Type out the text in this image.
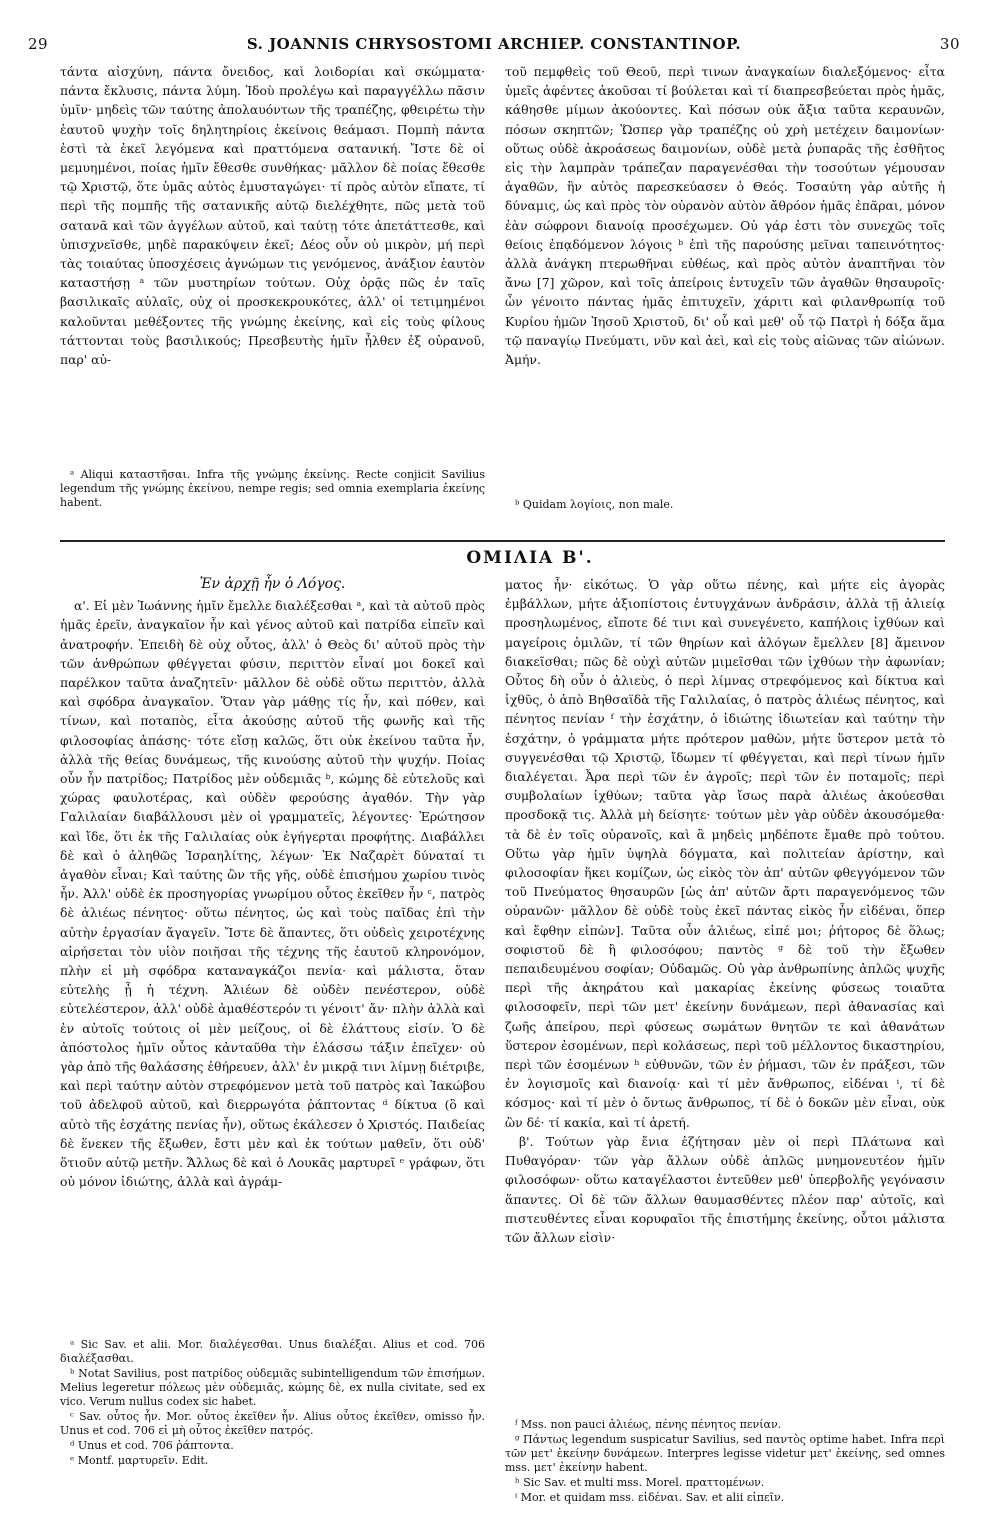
29	S. JOANNIS CHRYSOSTOMI ARCHIEP. CONSTANTINOP.	30

τάντα αἰσχύνη, πάντα ὄνειδος, καὶ λοιδορίαι καὶ σκώμματα· πάντα ἔκλυσις, πάντα λύμη. Ἰδοὺ προλέγω καὶ παραγγέλλω πᾶσιν ὑμῖν· μηδεὶς τῶν ταύτης ἀπολαυόντων τῆς τραπέζης, φθειρέτω τὴν ἑαυτοῦ ψυχὴν τοῖς δηλητηρίοις ἐκείνοις θεάμασι. Πομπὴ πάντα ἐστὶ τὰ ἐκεῖ λεγόμενα καὶ πραττόμενα σατανική. Ἴστε δὲ οἱ μεμυημένοι, ποίας ἡμῖν ἔθεσθε συνθήκας· μᾶλλον δὲ ποίας ἔθεσθε τῷ Χριστῷ, ὅτε ὑμᾶς αὐτὸς ἐμυσταγώγει· τί πρὸς αὐτὸν εἴπατε, τί περὶ τῆς πομπῆς τῆς σατανικῆς αὐτῷ διελέχθητε, πῶς μετὰ τοῦ σατανᾶ καὶ τῶν ἀγγέλων αὐτοῦ, καὶ ταύτῃ τότε ἀπετάττεσθε, καὶ ὑπισχνεῖσθε, μηδὲ παρακύψειν ἐκεῖ; Δέος οὖν οὐ μικρὸν, μή περὶ τὰς τοιαύτας ὑποσχέσεις ἀγνώμων τις γενόμενος, ἀνάξιον ἑαυτὸν καταστήσῃ ᵃ τῶν μυστηρίων τούτων. Οὐχ ὁρᾷς πῶς ἐν ταῖς βασιλικαῖς αὐλαῖς, οὐχ οἱ προσκεκρουκότες, ἀλλ' οἱ τετιμημένοι καλοῦνται μεθέξοντες τῆς γνώμης ἐκείνης, καὶ εἰς τοὺς φίλους τάττονται τοὺς βασιλικούς; Πρεσβευτὴς ἡμῖν ἦλθεν ἐξ οὐρανοῦ, παρ' αὐ-

ᵃ Aliqui καταστῆσαι. Infra τῆς γνώμης ἐκείνης. Recte conjicit Savilius legendum τῆς γνώμης ἐκείνου, nempe regis; sed omnia exemplaria ἐκείνης habent.

τοῦ πεμφθεὶς τοῦ Θεοῦ, περὶ τινων ἀναγκαίων διαλεξόμενος· εἶτα ὑμεῖς ἀφέντες ἀκοῦσαι τί βούλεται καὶ τί διαπρεσβεύεται πρὸς ἡμᾶς, κάθησθε μίμων ἀκούοντες. Καὶ πόσων οὐκ ἄξια ταῦτα κεραυνῶν, πόσων σκηπτῶν; Ὥσπερ γὰρ τραπέζης οὐ χρὴ μετέχειν δαιμονίων· οὕτως οὐδὲ ἀκροάσεως δαιμονίων, οὐδὲ μετὰ ῥυπαρᾶς τῆς ἐσθῆτος εἰς τὴν λαμπρὰν τράπεζαν παραγενέσθαι τὴν τοσούτων γέμουσαν ἀγαθῶν, ἣν αὐτὸς παρεσκεύασεν ὁ Θεός. Τοσαύτη γὰρ αὐτῆς ἡ δύναμις, ὡς καὶ πρὸς τὸν οὐρανὸν αὐτὸν ἄθρόον ἡμᾶς ἐπᾶραι, μόνον ἐὰν σώφρονι διανοίᾳ προσέχωμεν. Οὐ γάρ ἐστι τὸν συνεχῶς τοῖς θείοις ἐπᾳδόμενον λόγοις ᵇ ἐπὶ τῆς παρούσης μεῖναι ταπεινότητος· ἀλλὰ ἀνάγκη πτερωθῆναι εὐθέως, καὶ πρὸς αὐτὸν ἀναπτῆναι τὸν ἄνω [7] χῶρον, καὶ τοῖς ἀπείροις ἐντυχεῖν τῶν ἀγαθῶν θησαυροῖς· ὧν γένοιτο πάντας ἡμᾶς ἐπιτυχεῖν, χάριτι καὶ φιλανθρωπίᾳ τοῦ Κυρίου ἡμῶν Ἰησοῦ Χριστοῦ, δι' οὗ καὶ μεθ' οὗ τῷ Πατρὶ ἡ δόξα ἅμα τῷ παναγίῳ Πνεύματι, νῦν καὶ ἀεὶ, καὶ εἰς τοὺς αἰῶνας τῶν αἰώνων. Ἀμήν.

ᵇ Quidam λογίοις, non male.

ΟΜΙΛΙΑ Β'.

Ἐν ἀρχῇ ἦν ὁ Λόγος.

α'. Εἰ μὲν Ἰωάννης ἡμῖν ἔμελλε διαλέξεσθαι ᵃ, καὶ τὰ αὐτοῦ πρὸς ἡμᾶς ἐρεῖν, ἀναγκαῖον ἦν καὶ γένος αὐτοῦ καὶ πατρίδα εἰπεῖν καὶ ἀνατροφήν. Ἐπειδὴ δὲ οὐχ οὗτος, ἀλλ' ὁ Θεὸς δι' αὐτοῦ πρὸς τὴν τῶν ἀνθρώπων φθέγγεται φύσιν, περιττὸν εἶναί μοι δοκεῖ καὶ παρέλκον ταῦτα ἀναζητεῖν· μᾶλλον δὲ οὐδὲ οὕτω περιττὸν, ἀλλὰ καὶ σφόδρα ἀναγκαῖον. Ὅταν γὰρ μάθῃς τίς ἦν, καὶ πόθεν, καὶ τίνων, καὶ ποταπὸς, εἶτα ἀκούσῃς αὐτοῦ τῆς φωνῆς καὶ τῆς φιλοσοφίας ἁπάσης· τότε εἴσῃ καλῶς, ὅτι οὐκ ἐκείνου ταῦτα ἦν, ἀλλὰ τῆς θείας δυνάμεως, τῆς κινούσης αὐτοῦ τὴν ψυχήν. Ποίας οὖν ἦν πατρίδος; Πατρίδος μὲν οὐδεμιᾶς ᵇ, κώμης δὲ εὐτελοῦς καὶ χώρας φαυλοτέρας, καὶ οὐδὲν φερούσης ἀγαθόν. Τὴν γὰρ Γαλιλαίαν διαβάλλουσι μὲν οἱ γραμματεῖς, λέγοντες· Ἐρώτησον καὶ ἴδε, ὅτι ἐκ τῆς Γαλιλαίας οὐκ ἐγήγερται προφήτης. Διαβάλλει δὲ καὶ ὁ ἀληθῶς Ἰσραηλίτης, λέγων· Ἐκ Ναζαρὲτ δύναταί τι ἀγαθὸν εἶναι; Καὶ ταύτης ὢν τῆς γῆς, οὐδὲ ἐπισήμου χωρίου τινὸς ἦν. Ἀλλ' οὐδὲ ἐκ προσηγορίας γνωρίμου οὗτος ἐκεῖθεν ἦν ᶜ, πατρὸς δὲ ἁλιέως πένητος· οὕτω πένητος, ὡς καὶ τοὺς παῖδας ἐπὶ τὴν αὐτὴν ἐργασίαν ἄγαγεῖν. Ἴστε δὲ ἅπαντες, ὅτι οὐδεὶς χειροτέχνης αἱρήσεται τὸν υἱὸν ποιῆσαι τῆς τέχνης τῆς ἑαυτοῦ κληρονόμον, πλὴν εἰ μὴ σφόδρα καταναγκάζοι πενία· καὶ μάλιστα, ὅταν εὐτελὴς ᾖ ἡ τέχνη. Ἁλιέων δὲ οὐδὲν πενέστερον, οὐδὲ εὐτελέστερον, ἀλλ' οὐδὲ ἀμαθέστερόν τι γένοιτ' ἄν· πλὴν ἀλλὰ καὶ ἐν αὐτοῖς τούτοις οἱ μὲν μείζους, οἱ δὲ ἐλάττους εἰσίν. Ὁ δὲ ἀπόστολος ἡμῖν οὗτος κἀνταῦθα τὴν ἐλάσσω τάξιν ἐπεῖχεν· οὐ γὰρ ἀπὸ τῆς θαλάσσης ἐθήρευεν, ἀλλ' ἐν μικρᾷ τινι λίμνῃ διέτριβε, καὶ περὶ ταύτην αὐτὸν στρεφόμενον μετὰ τοῦ πατρὸς καὶ Ἰακώβου τοῦ ἀδελφοῦ αὐτοῦ, καὶ διερρωγότα ῥάπτοντας ᵈ δίκτυα (ὃ καὶ αὐτὸ τῆς ἐσχάτης πενίας ἦν), οὕτως ἐκάλεσεν ὁ Χριστός. Παιδείας δὲ ἕνεκεν τῆς ἔξωθεν, ἔστι μὲν καὶ ἐκ τούτων μαθεῖν, ὅτι οὐδ' ὅτιοῦν αὐτῷ μετῆν. Ἄλλως δὲ καὶ ὁ Λουκᾶς μαρτυρεῖ ᵉ γράφων, ὅτι οὐ μόνον ἰδιώτης, ἀλλὰ καὶ ἀγράμ-

ᵃ Sic Sav. et alii. Mor. διαλέγεσθαι. Unus διαλέξαι. Alius et cod. 706 διαλέξασθαι.

ᵇ Notat Savilius, post πατρίδος οὐδεμιᾶς subintelligendum τῶν ἐπισήμων. Melius legeretur πόλεως μὲν οὐδεμιᾶς, κώμης δὲ, ex nulla civitate, sed ex vico. Verum nullus codex sic habet.

ᶜ Sav. οὗτος ἦν. Mor. οὗτος ἐκεῖθεν ἦν. Alius οὗτος ἐκεῖθεν, omisso ἦν. Unus et cod. 706 εἰ μὴ οὗτος ἐκεῖθεν πατρός.

ᵈ Unus et cod. 706 ῥάπτοντα.

ᵉ Montf. μαρτυρεῖν. Edit.

ματος ἦν· εἰκότως. Ὁ γὰρ οὕτω πένης, καὶ μήτε εἰς ἀγορὰς ἐμβάλλων, μήτε ἀξιοπίστοις ἐντυγχάνων ἀνδράσιν, ἀλλὰ τῇ ἁλιείᾳ προσηλωμένος, εἴποτε δέ τινι καὶ συνεγένετο, καπήλοις ἰχθύων καὶ μαγείροις ὁμιλῶν, τί τῶν θηρίων καὶ ἀλόγων ἔμελλεν [8] ἄμεινον διακεῖσθαι; πῶς δὲ οὐχὶ αὐτῶν μιμεῖσθαι τῶν ἰχθύων τὴν ἀφωνίαν; Οὗτος δὴ οὖν ὁ ἁλιεὺς, ὁ περὶ λίμνας στρεφόμενος καὶ δίκτυα καὶ ἰχθῦς, ὁ ἀπὸ Βηθσαϊδὰ τῆς Γαλιλαίας, ὁ πατρὸς ἁλιέως πένητος, καὶ πένητος πενίαν ᶠ τὴν ἐσχάτην, ὁ ἰδιώτης ἰδιωτείαν καὶ ταύτην τὴν ἐσχάτην, ὁ γράμματα μήτε πρότερον μαθὼν, μήτε ὕστερον μετὰ τὸ συγγενέσθαι τῷ Χριστῷ, ἴδωμεν τί φθέγγεται, καὶ περὶ τίνων ἡμῖν διαλέγεται. Ἆρα περὶ τῶν ἐν ἀγροῖς; περὶ τῶν ἐν ποταμοῖς; περὶ συμβολαίων ἰχθύων; ταῦτα γὰρ ἴσως παρὰ ἁλιέως ἀκούεσθαι προσδοκᾷ τις. Ἀλλὰ μὴ δείσητε· τούτων μὲν γὰρ οὐδὲν ἀκουσόμεθα· τὰ δὲ ἐν τοῖς οὐρανοῖς, καὶ ἃ μηδεὶς μηδέποτε ἔμαθε πρὸ τούτου. Οὕτω γὰρ ἡμῖν ὑψηλὰ δόγματα, καὶ πολιτείαν ἀρίστην, καὶ φιλοσοφίαν ἥκει κομίζων, ὡς εἰκὸς τὸν ἀπ' αὐτῶν φθεγγόμενον τῶν τοῦ Πνεύματος θησαυρῶν [ὡς ἀπ' αὐτῶν ἄρτι παραγενόμενος τῶν οὐρανῶν· μᾶλλον δὲ οὐδὲ τοὺς ἐκεῖ πάντας εἰκὸς ἦν εἰδέναι, ὅπερ καὶ ἔφθην εἰπὼν]. Ταῦτα οὖν ἁλιέως, εἰπέ μοι; ῥήτορος δὲ ὅλως; σοφιστοῦ δὲ ἢ φιλοσόφου; παντὸς ᵍ δὲ τοῦ τὴν ἔξωθεν πεπαιδευμένου σοφίαν; Οὐδαμῶς. Οὐ γὰρ ἀνθρωπίνης ἁπλῶς ψυχῆς περὶ τῆς ἀκηράτου καὶ μακαρίας ἐκείνης φύσεως τοιαῦτα φιλοσοφεῖν, περὶ τῶν μετ' ἐκείνην δυνάμεων, περὶ ἀθανασίας καὶ ζωῆς ἀπείρου, περὶ φύσεως σωμάτων θνητῶν τε καὶ ἀθανάτων ὕστερον ἐσομένων, περὶ κολάσεως, περὶ τοῦ μέλλοντος δικαστηρίου, περὶ τῶν ἐσομένων ʰ εὐθυνῶν, τῶν ἐν ῥήμασι, τῶν ἐν πράξεσι, τῶν ἐν λογισμοῖς καὶ διανοίᾳ· καὶ τί μὲν ἄνθρωπος, εἰδέναι ⁱ, τί δὲ κόσμος· καὶ τί μὲν ὁ ὄντως ἄνθρωπος, τί δὲ ὁ δοκῶν μὲν εἶναι, οὐκ ὢν δέ· τί κακία, καὶ τί ἀρετή.

β'. Τούτων γὰρ ἔνια ἐζήτησαν μὲν οἱ περὶ Πλάτωνα καὶ Πυθαγόραν· τῶν γὰρ ἄλλων οὐδὲ ἁπλῶς μνημονευτέον ἡμῖν φιλοσόφων· οὕτω καταγέλαστοι ἐντεῦθεν μεθ' ὑπερβολῆς γεγόνασιν ἅπαντες. Οἱ δὲ τῶν ἄλλων θαυμασθέντες πλέον παρ' αὐτοῖς, καὶ πιστευθέντες εἶναι κορυφαῖοι τῆς ἐπιστήμης ἐκείνης, οὗτοι μάλιστα τῶν ἄλλων εἰσὶν·

ᶠ Mss. non pauci ἁλιέως, πένης πένητος πενίαν.

ᵍ Πάντως legendum suspicatur Savilius, sed παντὸς optime habet. Infra περὶ τῶν μετ' ἐκείνην δυνάμεων. Interpres legisse videtur μετ' ἐκείνης, sed omnes mss. μετ' ἐκείνην habent.

ʰ Sic Sav. et multi mss. Morel. πραττομένων.

ⁱ Mor. et quidam mss. εἰδέναι. Sav. et alii εἰπεῖν.
